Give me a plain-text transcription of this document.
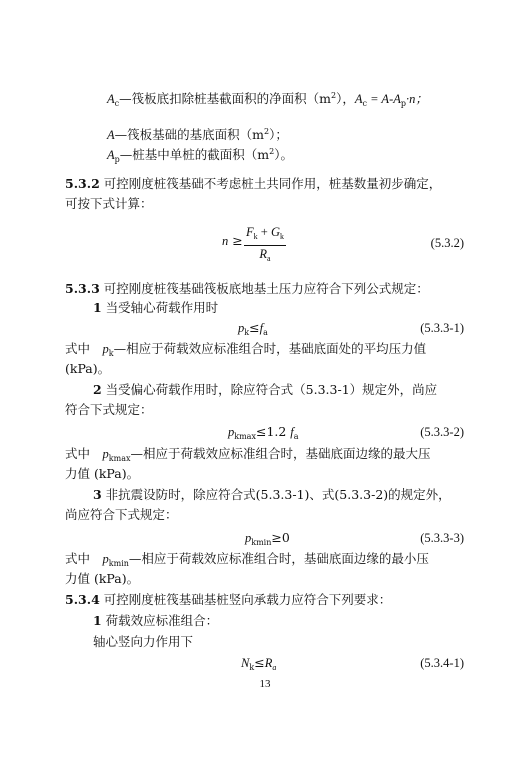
$A_c—$筏板底扣除桩基截面积的净面积$(m^2)$，$A_c = A-A_p\cdot n$；
A—筏板基础的基底面积$(m^2)$；
$A_p—$桩基中单桩的截面积$(m^2)$。
5.3.2 可控刚度桩筏基础不考虑桩土共同作用，桩基数量初步确定，
可按下式计算：
$n \ge \frac{F_k + G_k}{R_a}$	(5.3.2)
5.3.3 可控刚度桩筏基础筏板底地基土压力应符合下列公式规定：
1 当受轴心荷载作用时
$p_k\le f_a$	(5.3.3-1)
式中　$p_k—$相应于荷载效应标准组合时，基础底面处的平均压力值
(kPa)。
2 当受偏心荷载作用时，除应符合式（5.3.3-1）规定外，尚应
符合下式规定：
$p_{kmax}\le 1.2$ $f_a$	(5.3.3-2)
式中　$p_{kmax}—$相应于荷载效应标准组合时，基础底面边缘的最大压
力值 (kPa)。
3 非抗震设防时，除应符合式(5.3.3-1)、式(5.3.3-2)的规定外，
尚应符合下式规定：
$p_{kmin}\ge 0$	(5.3.3-3)
式中　$p_{kmin}—$相应于荷载效应标准组合时，基础底面边缘的最小压
力值 (kPa)。
5.3.4 可控刚度桩筏基础基桩竖向承载力应符合下列要求：
1 荷载效应标准组合：
轴心竖向力作用下
$N_k\le R_a$	(5.3.4-1)
13
